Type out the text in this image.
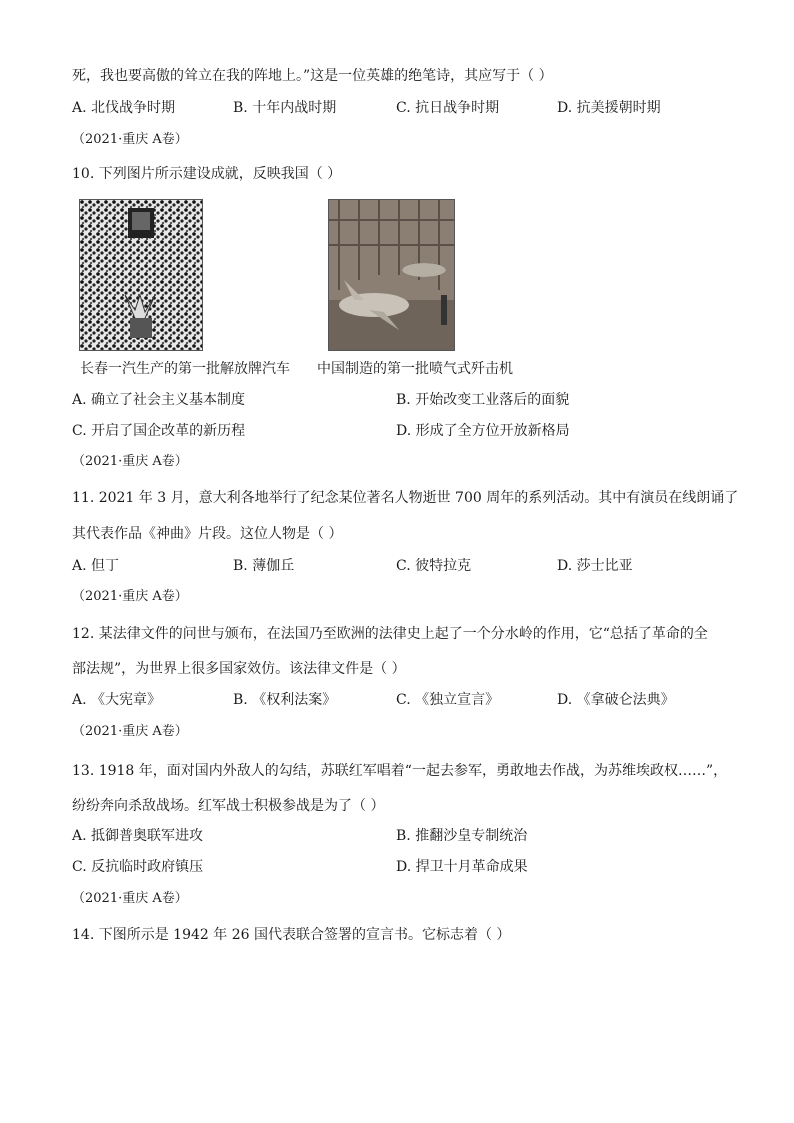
死，我也要高傲的耸立在我的阵地上。”这是一位英雄的绝笔诗，其应写于（ ）
A. 北伐战争时期	B. 十年内战时期	C. 抗日战争时期	D. 抗美援朝时期
（2021·重庆 A卷）
10. 下列图片所示建设成就，反映我国（ ）
长春一汽生产的第一批解放牌汽车 中国制造的第一批喷气式歼击机
A. 确立了社会主义基本制度	B. 开始改变工业落后的面貌
C. 开启了国企改革的新历程	D. 形成了全方位开放新格局
（2021·重庆 A卷）
11. 2021 年 3 月，意大利各地举行了纪念某位著名人物逝世 700 周年的系列活动。其中有演员在线朗诵了
其代表作品《神曲》片段。这位人物是（ ）
A. 但丁	B. 薄伽丘	C. 彼特拉克	D. 莎士比亚
（2021·重庆 A卷）
12. 某法律文件的问世与颁布，在法国乃至欧洲的法律史上起了一个分水岭的作用，它“总括了革命的全
部法规”，为世界上很多国家效仿。该法律文件是（ ）
A. 《大宪章》	B. 《权利法案》	C. 《独立宣言》	D. 《拿破仑法典》
（2021·重庆 A卷）
13. 1918 年，面对国内外敌人的勾结，苏联红军唱着“一起去参军，勇敢地去作战，为苏维埃政权……”，
纷纷奔向杀敌战场。红军战士积极参战是为了（ ）
A. 抵御普奥联军进攻	B. 推翻沙皇专制统治
C. 反抗临时政府镇压	D. 捍卫十月革命成果
（2021·重庆 A卷）
14. 下图所示是 1942 年 26 国代表联合签署的宣言书。它标志着（ ）
